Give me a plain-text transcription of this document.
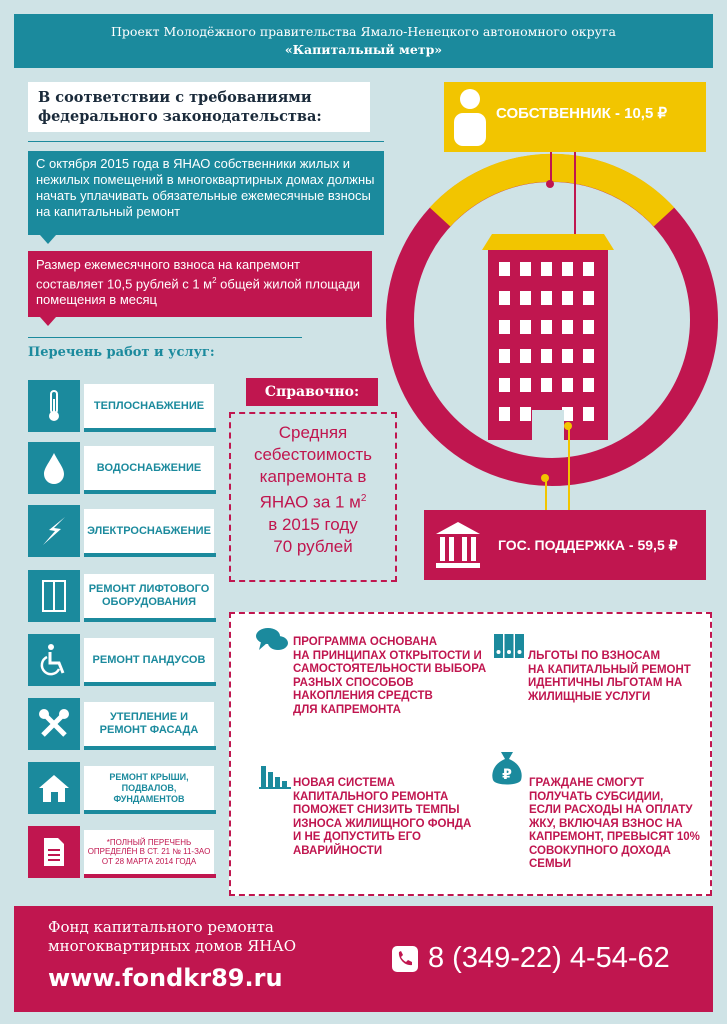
Проект Молодёжного правительства Ямало-Ненецкого автономного округа
«Капитальный метр»
В соответствии с требованиями
федерального законодательства:
С октября 2015 года в ЯНАО собственники жилых и нежилых помещений в многоквартирных домах должны начать уплачивать обязательные ежемесячные взносы на капитальный ремонт
Размер ежемесячного взноса на капремонт составляет 10,5 рублей с 1 $м^2$ общей жилой площади помещения в месяц
Перечень работ и услуг:
ТЕПЛОСНАБЖЕНИЕ
ВОДОСНАБЖЕНИЕ
ЭЛЕКТРОСНАБЖЕНИЕ
РЕМОНТ ЛИФТОВОГО ОБОРУДОВАНИЯ
РЕМОНТ ПАНДУСОВ
УТЕПЛЕНИЕ И РЕМОНТ ФАСАДА
РЕМОНТ КРЫШИ, ПОДВАЛОВ, ФУНДАМЕНТОВ
*ПОЛНЫЙ ПЕРЕЧЕНЬ ОПРЕДЕЛЁН В СТ. 21 № 11-ЗАО ОТ 28 МАРТА 2014 ГОДА
Справочно:
Средняя
себестоимость
капремонта в
ЯНАО за 1 $м^2$
в 2015 году
70 рублей
СОБСТВЕННИК - 10,5 ₽
ГОС. ПОДДЕРЖКА - 59,5 ₽
ПРОГРАММА ОСНОВАНА
НА ПРИНЦИПАХ ОТКРЫТОСТИ И
САМОСТОЯТЕЛЬНОСТИ ВЫБОРА
РАЗНЫХ СПОСОБОВ
НАКОПЛЕНИЯ СРЕДСТВ
ДЛЯ КАПРЕМОНТА
ЛЬГОТЫ ПО ВЗНОСАМ
НА КАПИТАЛЬНЫЙ РЕМОНТ
ИДЕНТИЧНЫ ЛЬГОТАМ НА
ЖИЛИЩНЫЕ УСЛУГИ
НОВАЯ СИСТЕМА
КАПИТАЛЬНОГО РЕМОНТА
ПОМОЖЕТ СНИЗИТЬ ТЕМПЫ
ИЗНОСА ЖИЛИЩНОГО ФОНДА
И НЕ ДОПУСТИТЬ ЕГО
АВАРИЙНОСТИ
₽ ГРАЖДАНЕ СМОГУТ
ПОЛУЧАТЬ СУБСИДИИ,
ЕСЛИ РАСХОДЫ НА ОПЛАТУ
ЖКУ, ВКЛЮЧАЯ ВЗНОС НА
КАПРЕМОНТ, ПРЕВЫСЯТ 10%
СОВОКУПНОГО ДОХОДА СЕМЬИ
Фонд капитального ремонта
многоквартирных домов ЯНАО
www.fondkr89.ru
8 (349-22) 4-54-62
